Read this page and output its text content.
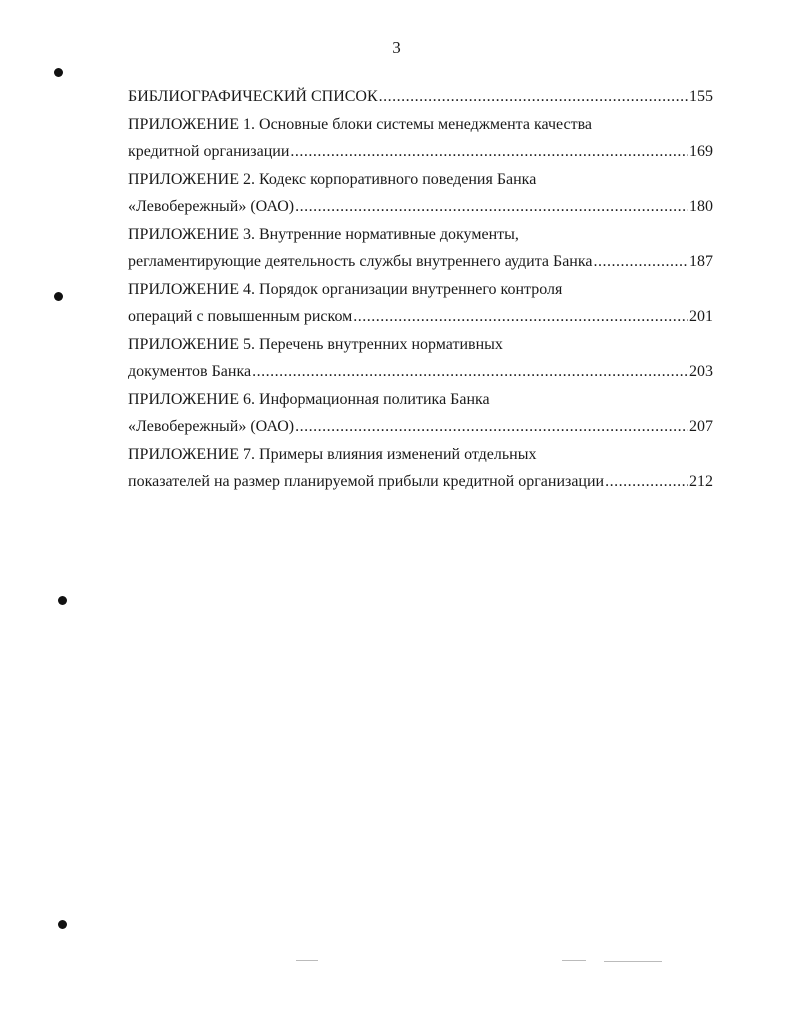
3
БИБЛИОГРАФИЧЕСКИЙ СПИСОК .....	155
ПРИЛОЖЕНИЕ 1. Основные блоки системы менеджмента качества
кредитной организации .....	169
ПРИЛОЖЕНИЕ 2. Кодекс корпоративного поведения Банка
«Левобережный» (ОАО) .....	180
ПРИЛОЖЕНИЕ 3. Внутренние нормативные документы,
регламентирующие деятельность службы внутреннего аудита Банка .....	187
ПРИЛОЖЕНИЕ 4. Порядок организации внутреннего контроля
операций с повышенным риском .....	201
ПРИЛОЖЕНИЕ 5. Перечень внутренних нормативных
документов Банка .....	203
ПРИЛОЖЕНИЕ 6. Информационная политика Банка
«Левобережный» (ОАО) .....	207
ПРИЛОЖЕНИЕ 7. Примеры влияния изменений отдельных
показателей на размер планируемой прибыли кредитной организации .....	212
